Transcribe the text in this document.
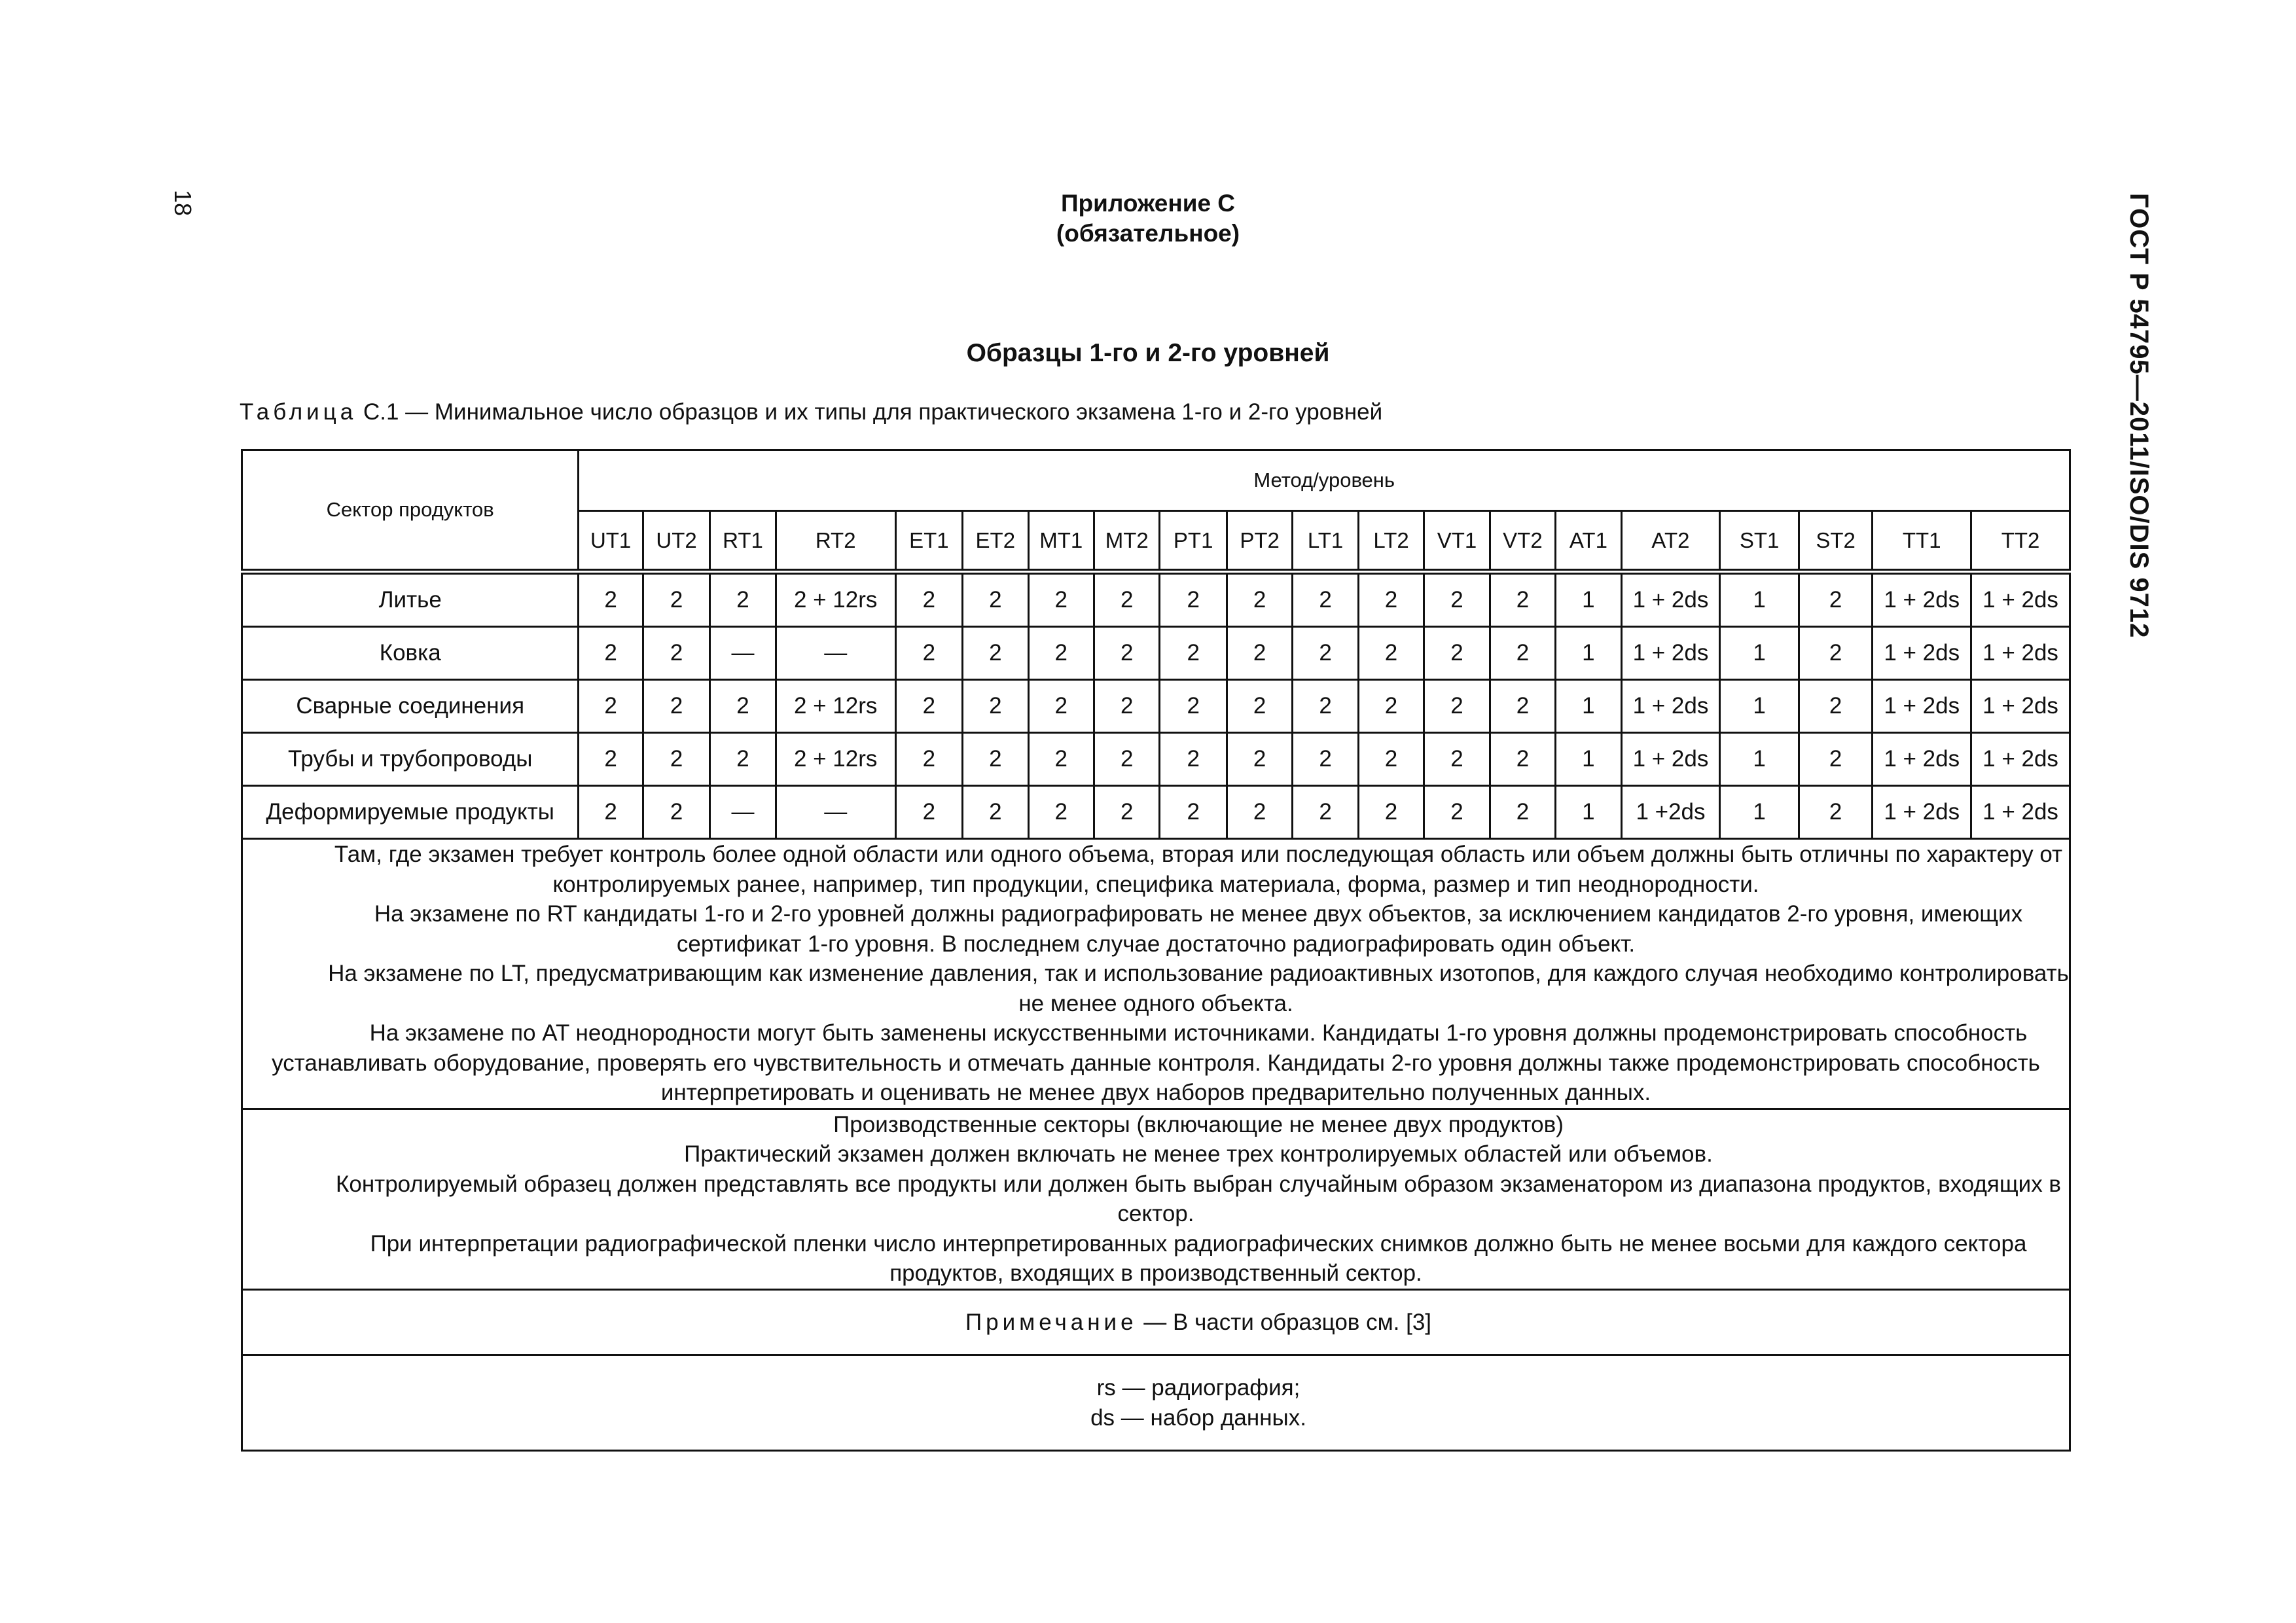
18	ГОСТ Р 54795—2011/ISO/DIS 9712
Приложение С
(обязательное)
Образцы 1-го и 2-го уровней
Таблица С.1 — Минимальное число образцов и их типы для практического экзамена 1-го и 2-го уровней
Сектор продуктов	Метод/уровень																			
	UT1	UT2	RT1	RT2	ET1	ET2	MT1	MT2	PT1	PT2	LT1	LT2	VT1	VT2	AT1	AT2	ST1	ST2	TT1	TT2
Литье	2	2	2	2 + 12rs	2	2	2	2	2	2	2	2	2	2	1	1 + 2ds	1	2	1 + 2ds	1 + 2ds
Ковка	2	2	—	—	2	2	2	2	2	2	2	2	2	2	1	1 + 2ds	1	2	1 + 2ds	1 + 2ds
Сварные соединения	2	2	2	2 + 12rs	2	2	2	2	2	2	2	2	2	2	1	1 + 2ds	1	2	1 + 2ds	1 + 2ds
Трубы и трубопроводы	2	2	2	2 + 12rs	2	2	2	2	2	2	2	2	2	2	1	1 + 2ds	1	2	1 + 2ds	1 + 2ds
Деформируемые продукты	2	2	—	—	2	2	2	2	2	2	2	2	2	2	1	1 +2ds	1	2	1 + 2ds	1 + 2ds

Там, где экзамен требует контроль более одной области или одного объема, вторая или последующая область или объем должны быть отличны по характеру от контролируемых ранее, например, тип продукции, специфика материала, форма, размер и тип неоднородности.

На экзамене по RT кандидаты 1-го и 2-го уровней должны радиографировать не менее двух объектов, за исключением кандидатов 2-го уровня, имеющих сертификат 1-го уровня. В последнем случае достаточно радиографировать один объект.

На экзамене по LT, предусматривающим как изменение давления, так и использование радиоактивных изотопов, для каждого случая необходимо контролировать не менее одного объекта.

На экзамене по AT неоднородности могут быть заменены искусственными источниками. Кандидаты 1-го уровня должны продемонстрировать способность устанавливать оборудование, проверять его чувствительность и отмечать данные контроля. Кандидаты 2-го уровня должны также продемонстрировать способность интерпретировать и оценивать не менее двух наборов предварительно полученных данных.																				

Производственные секторы (включающие не менее двух продуктов)

Практический экзамен должен включать не менее трех контролируемых областей или объемов.

Контролируемый образец должен представлять все продукты или должен быть выбран случайным образом экзаменатором из диапазона продуктов, входящих в сектор.

При интерпретации радиографической пленки число интерпретированных радиографических снимков должно быть не менее восьми для каждого сектора продуктов, входящих в производственный сектор.																				

Примечание — В части образцов см. [3]																				

rs — радиография;

ds — набор данных.																				
